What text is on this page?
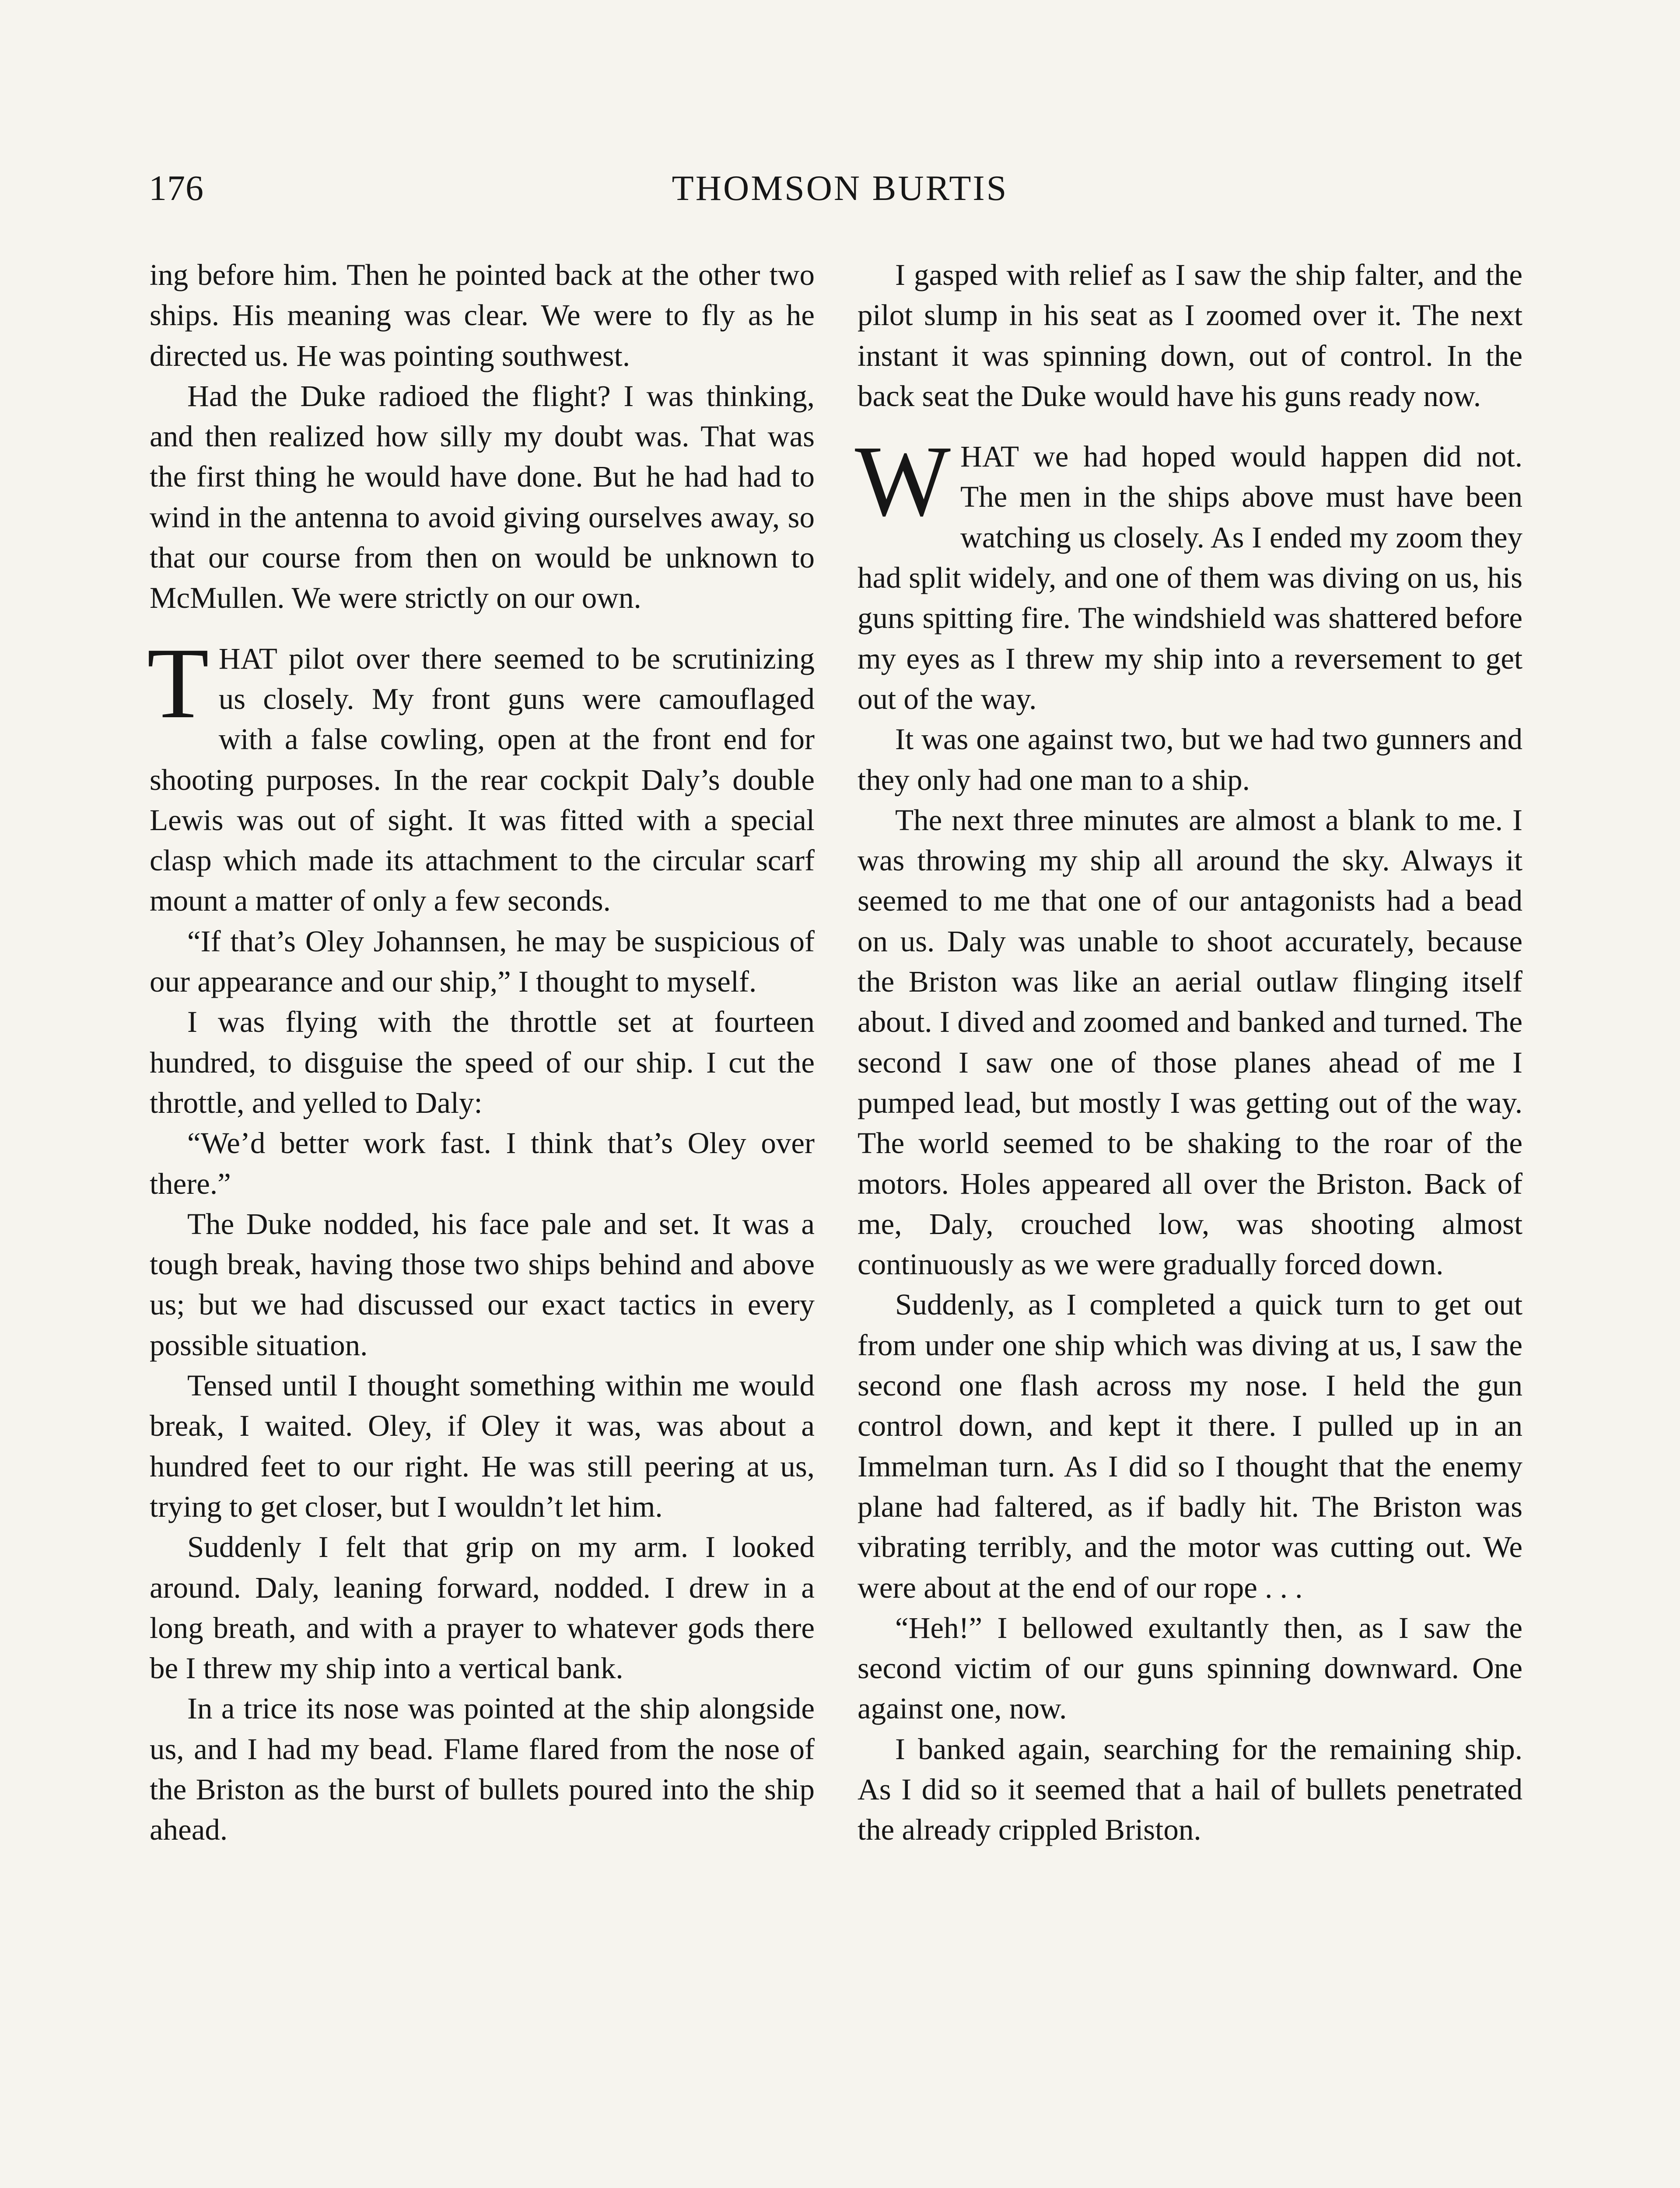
176	THOMSON BURTIS

ing before him. Then he pointed back at the other two ships. His meaning was clear. We were to fly as he directed us. He was pointing southwest.

Had the Duke radioed the flight? I was thinking, and then realized how silly my doubt was. That was the first thing he would have done. But he had had to wind in the antenna to avoid giving ourselves away, so that our course from then on would be unknown to McMullen. We were strictly on our own.

THAT pilot over there seemed to be scrutinizing us closely. My front guns were camouflaged with a false cowling, open at the front end for shooting purposes. In the rear cockpit Daly’s double Lewis was out of sight. It was fitted with a special clasp which made its attachment to the circular scarf mount a matter of only a few seconds.

“If that’s Oley Johannsen, he may be suspicious of our appearance and our ship,” I thought to myself.

I was flying with the throttle set at fourteen hundred, to disguise the speed of our ship. I cut the throttle, and yelled to Daly:

“We’d better work fast. I think that’s Oley over there.”

The Duke nodded, his face pale and set. It was a tough break, having those two ships behind and above us; but we had discussed our exact tactics in every possible situation.

Tensed until I thought something within me would break, I waited. Oley, if Oley it was, was about a hundred feet to our right. He was still peering at us, trying to get closer, but I wouldn’t let him.

Suddenly I felt that grip on my arm. I looked around. Daly, leaning forward, nodded. I drew in a long breath, and with a prayer to whatever gods there be I threw my ship into a vertical bank.

In a trice its nose was pointed at the ship alongside us, and I had my bead. Flame flared from the nose of the Briston as the burst of bullets poured into the ship ahead.

I gasped with relief as I saw the ship falter, and the pilot slump in his seat as I zoomed over it. The next instant it was spinning down, out of control. In the back seat the Duke would have his guns ready now.

WHAT we had hoped would happen did not. The men in the ships above must have been watching us closely. As I ended my zoom they had split widely, and one of them was diving on us, his guns spitting fire. The windshield was shattered before my eyes as I threw my ship into a reversement to get out of the way.

It was one against two, but we had two gunners and they only had one man to a ship.

The next three minutes are almost a blank to me. I was throwing my ship all around the sky. Always it seemed to me that one of our antagonists had a bead on us. Daly was unable to shoot accurately, because the Briston was like an aerial outlaw flinging itself about. I dived and zoomed and banked and turned. The second I saw one of those planes ahead of me I pumped lead, but mostly I was getting out of the way. The world seemed to be shaking to the roar of the motors. Holes appeared all over the Briston. Back of me, Daly, crouched low, was shooting almost continuously as we were gradually forced down.

Suddenly, as I completed a quick turn to get out from under one ship which was diving at us, I saw the second one flash across my nose. I held the gun control down, and kept it there. I pulled up in an Immelman turn. As I did so I thought that the enemy plane had faltered, as if badly hit. The Briston was vibrating terribly, and the motor was cutting out. We were about at the end of our rope . . .

“Heh!” I bellowed exultantly then, as I saw the second victim of our guns spinning downward. One against one, now.

I banked again, searching for the remaining ship. As I did so it seemed that a hail of bullets penetrated the already crippled Briston.
